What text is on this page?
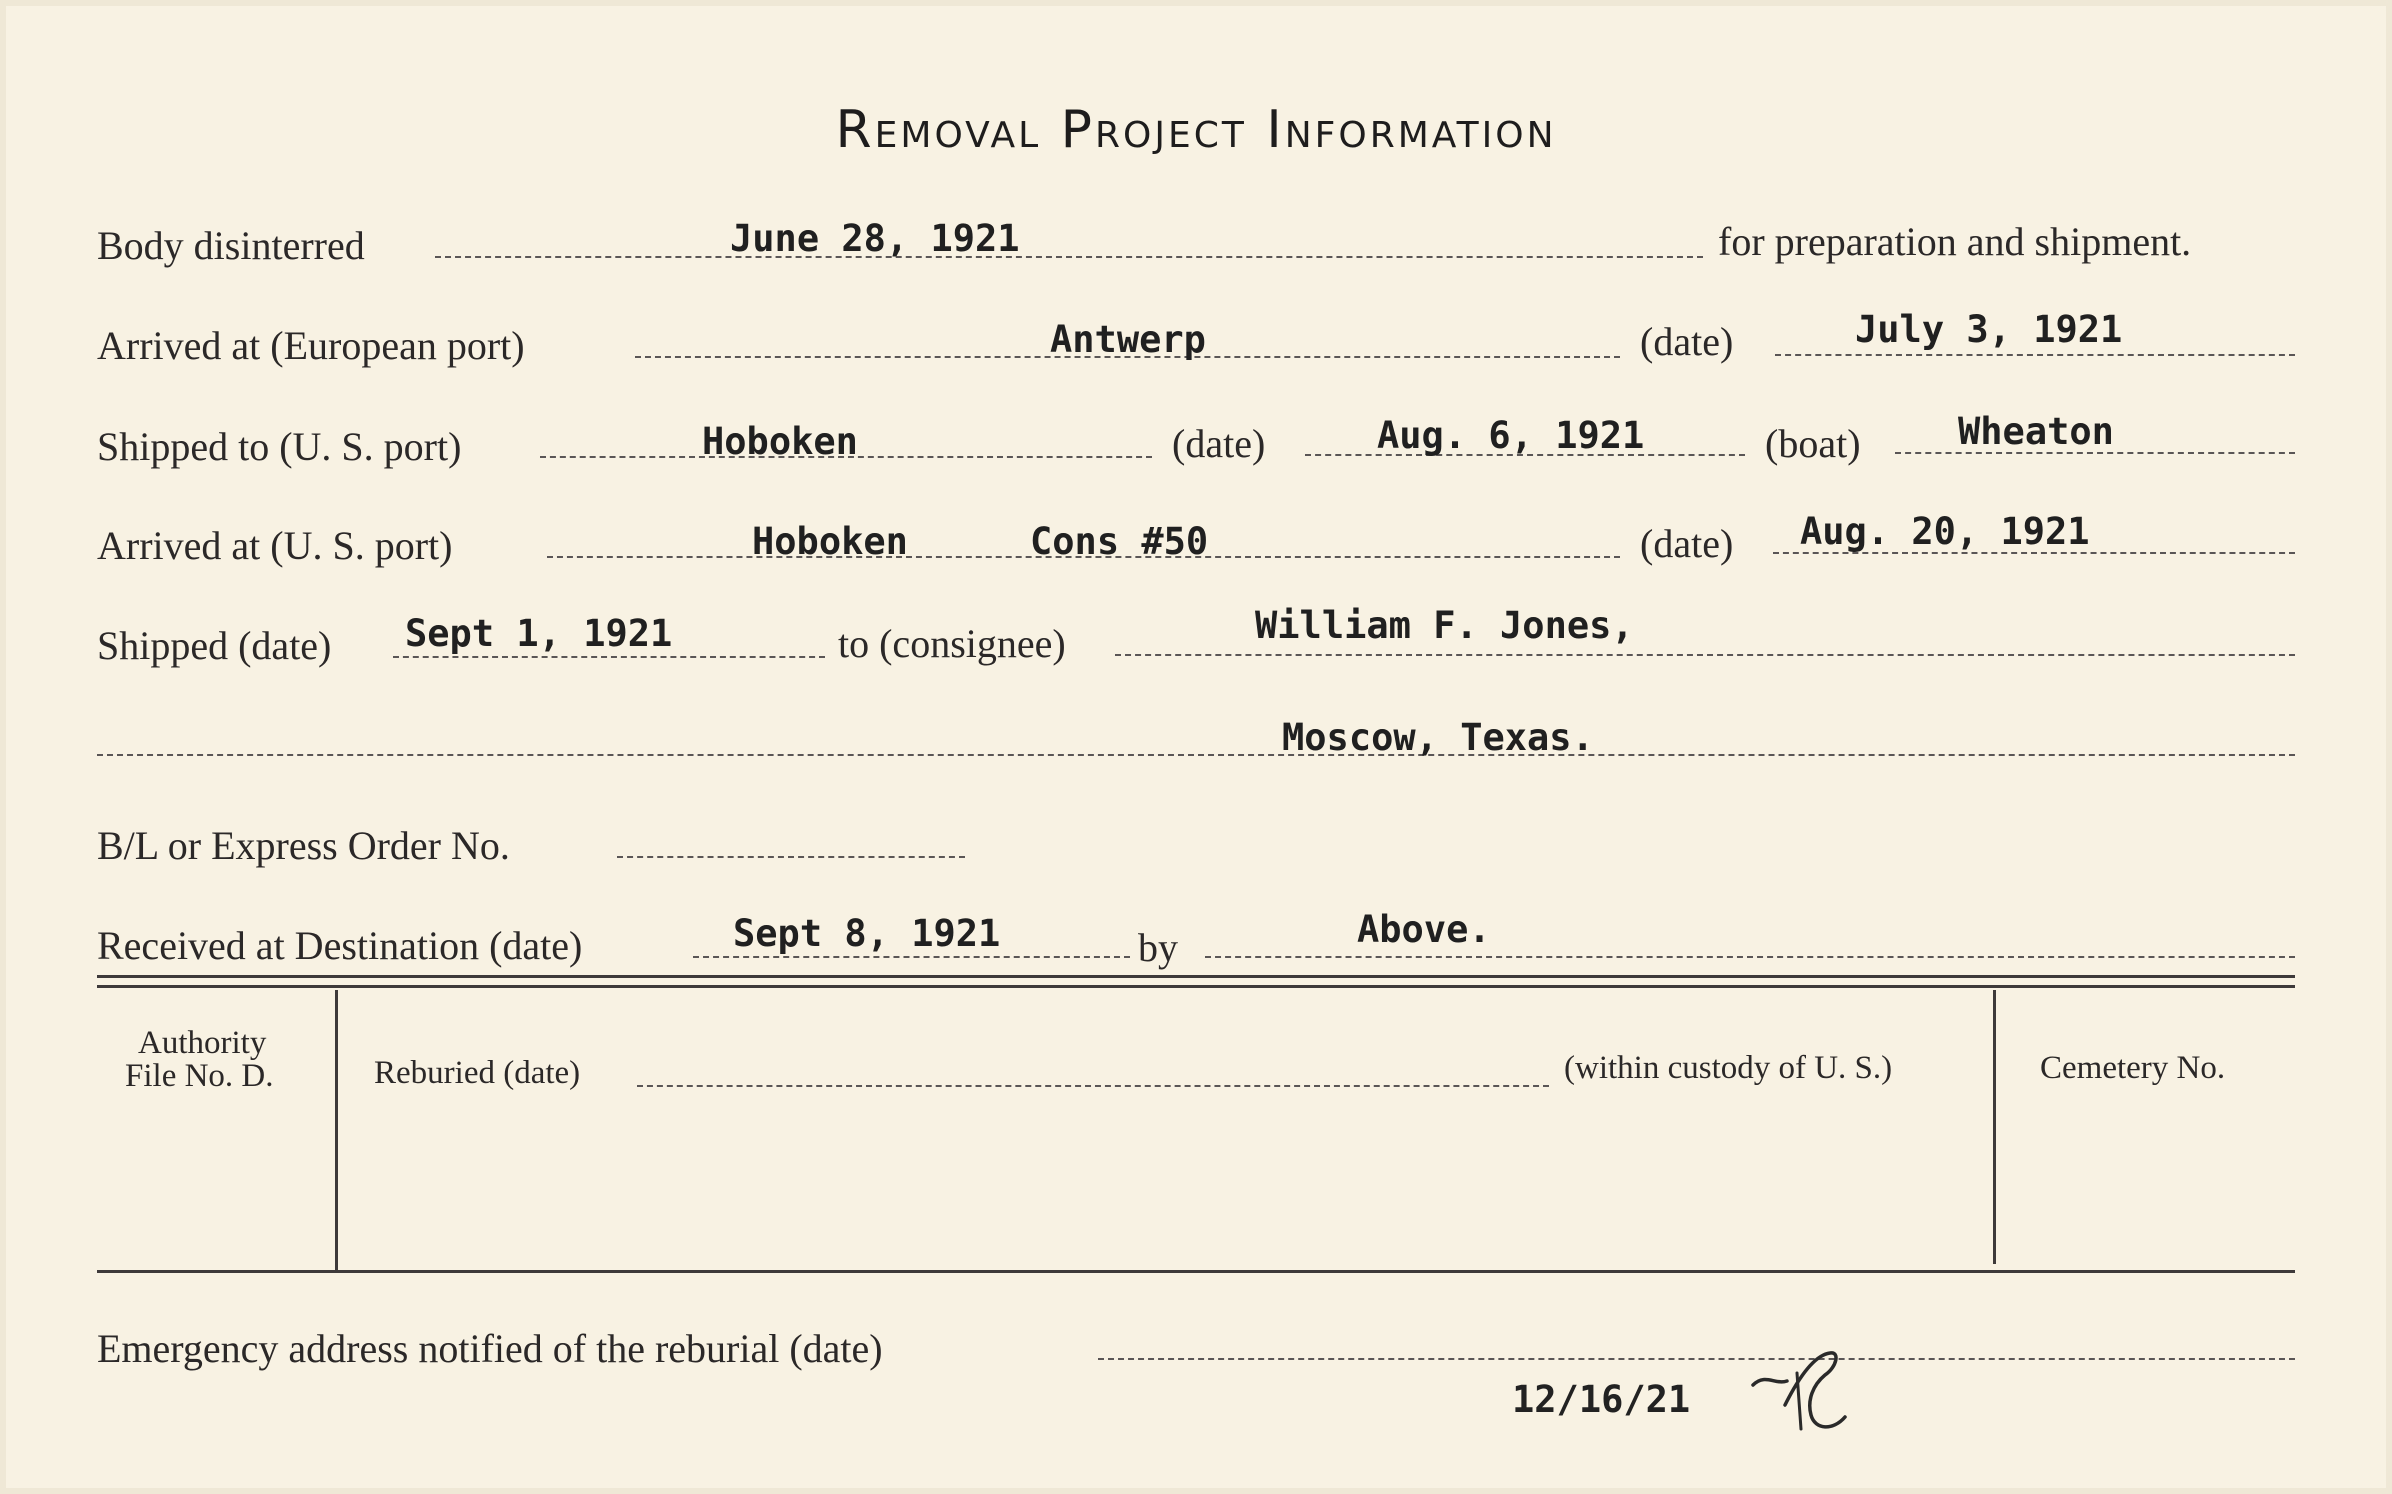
Removal Project Information
Body disinterred	June 28, 1921	for preparation and shipment.
Arrived at (European port)	Antwerp	(date)	July 3, 1921
Shipped to (U. S. port)	Hoboken	(date)	Aug. 6, 1921	(boat)	Wheaton
Arrived at (U. S. port)	Hoboken	Cons #50	(date) Aug. 20, 1921
Shipped (date) Sept 1, 1921	to (consignee)	William F. Jones,
Moscow, Texas.
B/L or Express Order No.
Received at Destination (date)	Sept 8, 1921	by	Above.
Authority
File No. D.	Reburied (date)	(within custody of U. S.)	Cemetery No.
Emergency address notified of the reburial (date)
12/16/21
